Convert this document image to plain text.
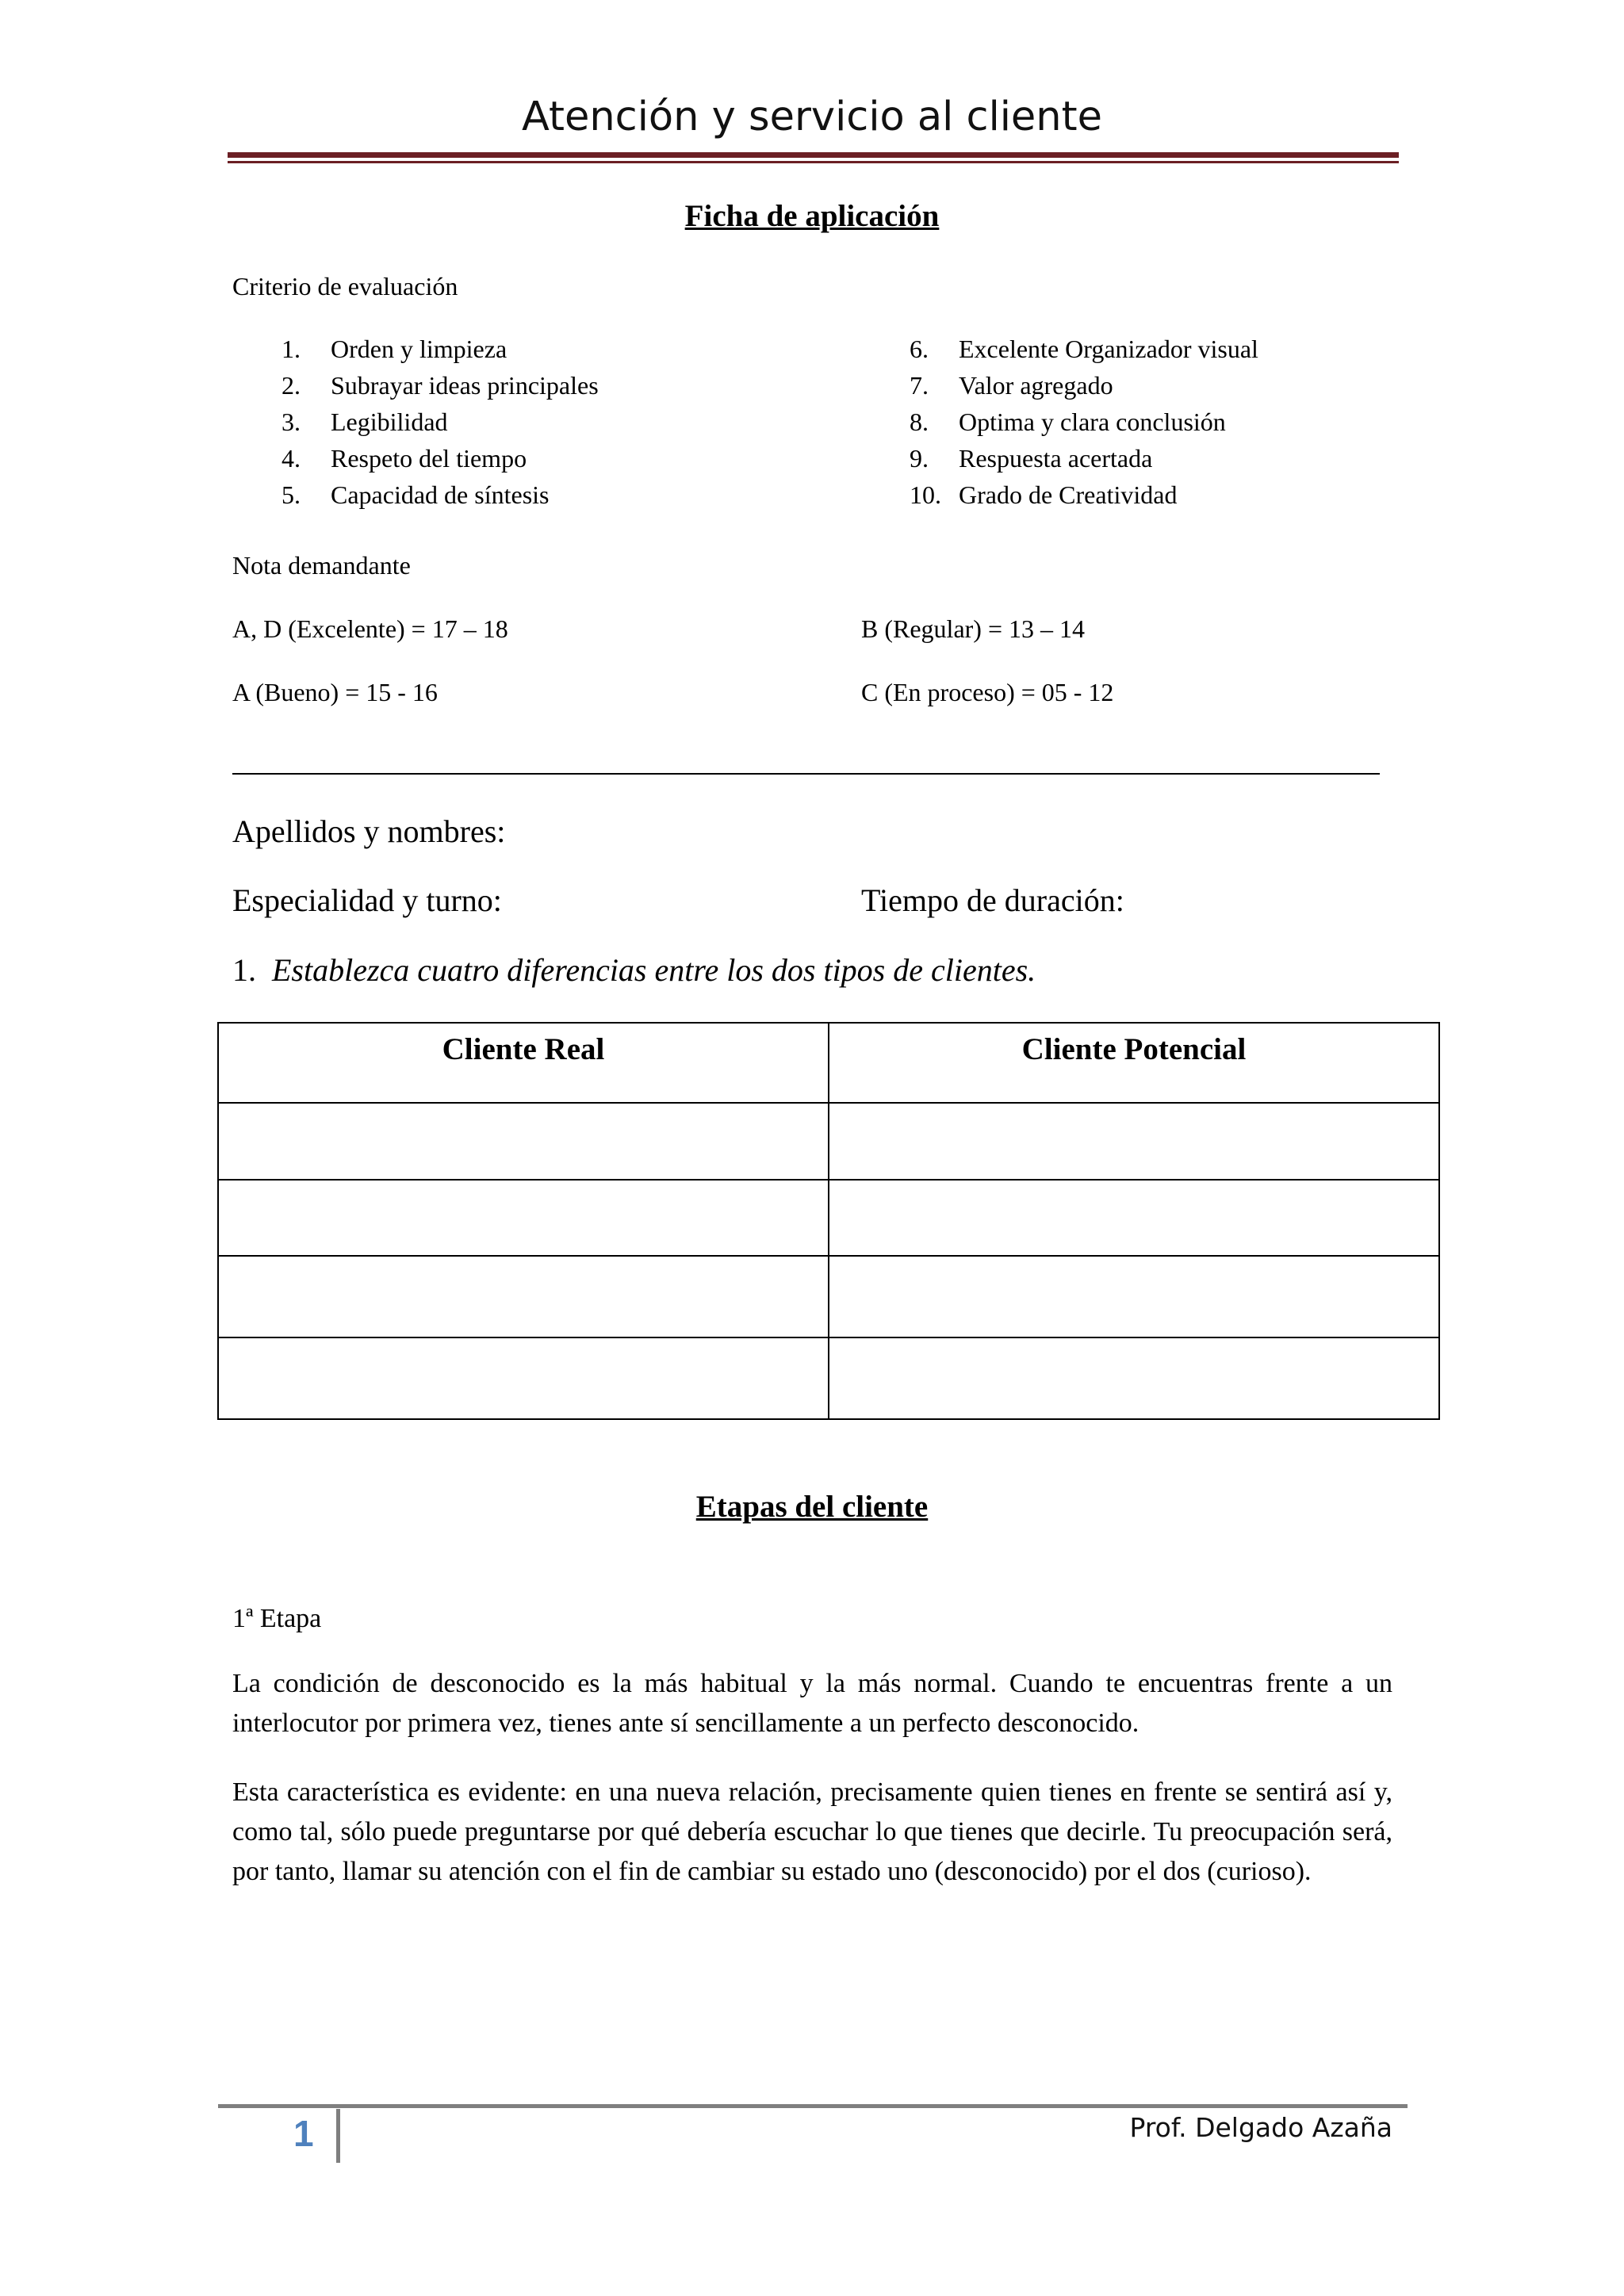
Atención y servicio al cliente
Ficha de aplicación
Criterio de evaluación
1.	Orden y limpieza
2.	Subrayar ideas principales
3.	Legibilidad
4.	Respeto del tiempo
5.	Capacidad de síntesis
6.	Excelente Organizador visual
7.	Valor agregado
8.	Optima y clara conclusión
9.	Respuesta acertada
10. Grado de Creatividad
Nota demandante
A, D (Excelente) = 17 – 18	B (Regular) = 13 – 14
A (Bueno) = 15 - 16	C (En proceso) = 05 - 12
Apellidos y nombres:
Especialidad y turno:	Tiempo de duración:
1. Establezca cuatro diferencias entre los dos tipos de clientes.
Cliente Real	Cliente Potencial

Etapas del cliente
1ª Etapa
La condición de desconocido es la más habitual y la más normal. Cuando te encuentras frente a un interlocutor por primera vez, tienes ante sí sencillamente a un perfecto desconocido.
Esta característica es evidente: en una nueva relación, precisamente quien tienes en frente se sentirá así y, como tal, sólo puede preguntarse por qué debería escuchar lo que tienes que decirle. Tu preocupación será, por tanto, llamar su atención con el fin de cambiar su estado uno (desconocido) por el dos (curioso).
1	Prof. Delgado Azaña
